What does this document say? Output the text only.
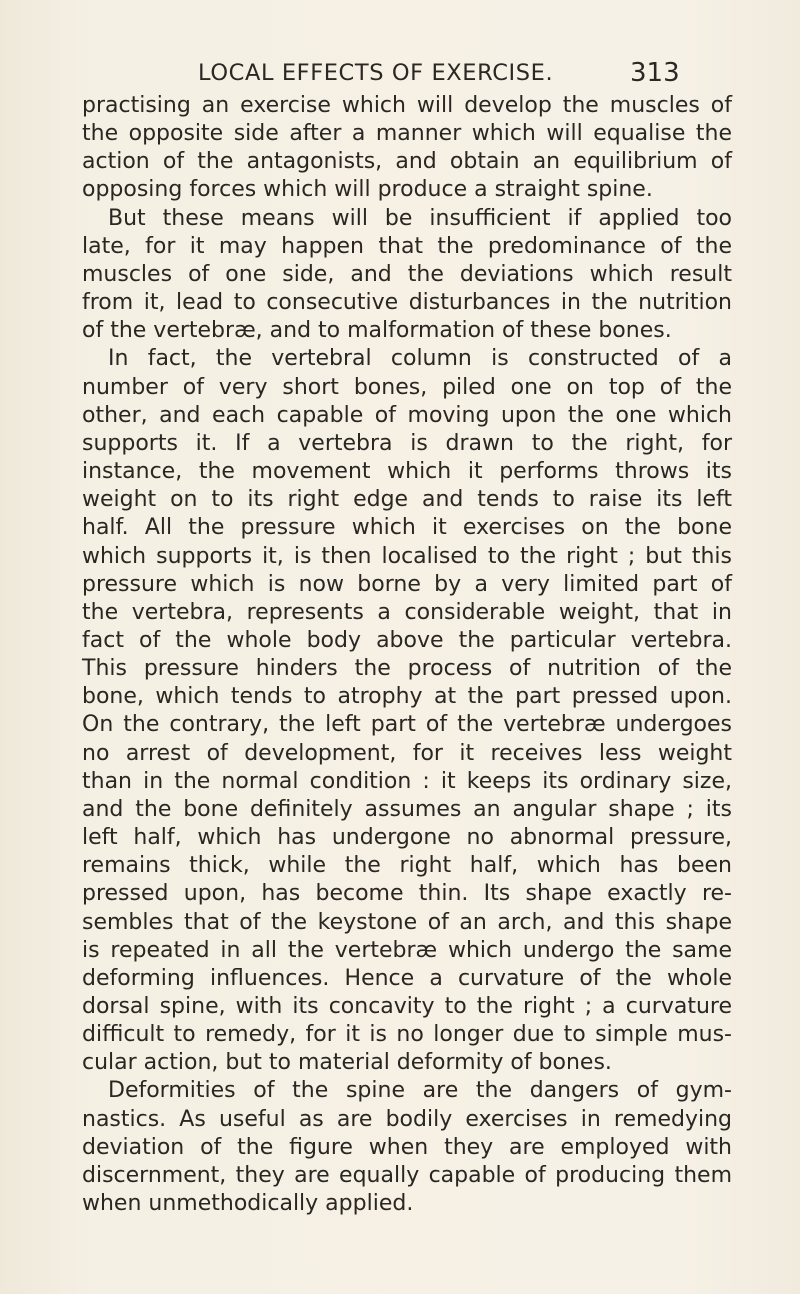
LOCAL EFFECTS OF EXERCISE.	313
practising an exercise which will develop the muscles of
the opposite side after a manner which will equalise the
action of the antagonists, and obtain an equilibrium of
opposing forces which will produce a straight spine.
But these means will be insufficient if applied too
late, for it may happen that the predominance of the
muscles of one side, and the deviations which result
from it, lead to consecutive disturbances in the nutrition
of the vertebræ, and to malformation of these bones.
In fact, the vertebral column is constructed of a
number of very short bones, piled one on top of the
other, and each capable of moving upon the one which
supports it. If a vertebra is drawn to the right, for
instance, the movement which it performs throws its
weight on to its right edge and tends to raise its left
half. All the pressure which it exercises on the bone
which supports it, is then localised to the right ; but this
pressure which is now borne by a very limited part of
the vertebra, represents a considerable weight, that in
fact of the whole body above the particular vertebra.
This pressure hinders the process of nutrition of the
bone, which tends to atrophy at the part pressed upon.
On the contrary, the left part of the vertebræ undergoes
no arrest of development, for it receives less weight
than in the normal condition : it keeps its ordinary size,
and the bone definitely assumes an angular shape ; its
left half, which has undergone no abnormal pressure,
remains thick, while the right half, which has been
pressed upon, has become thin. Its shape exactly re-
sembles that of the keystone of an arch, and this shape
is repeated in all the vertebræ which undergo the same
deforming influences. Hence a curvature of the whole
dorsal spine, with its concavity to the right ; a curvature
difficult to remedy, for it is no longer due to simple mus-
cular action, but to material deformity of bones.
Deformities of the spine are the dangers of gym-
nastics. As useful as are bodily exercises in remedying
deviation of the figure when they are employed with
discernment, they are equally capable of producing them
when unmethodically applied.
